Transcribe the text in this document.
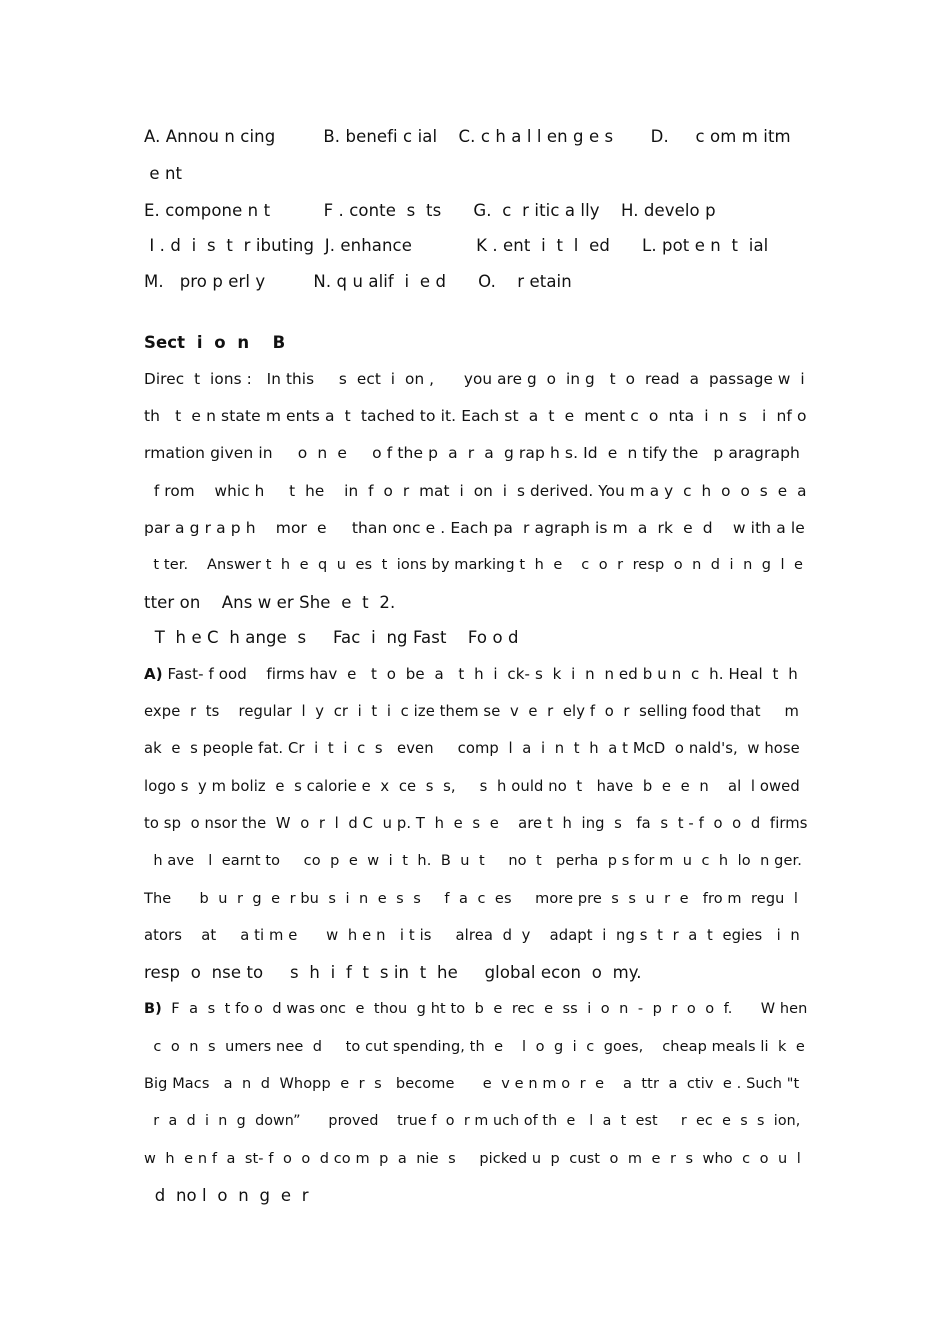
A. Annou n cing         B. benefi c ial    C. c h a l l en g e s       D.     c om m itm
e nt
E. compone n t          F . conte  s  ts      G.  c  r itic a lly    H. develo p
I . d  i  s  t  r ibuting  J. enhance            K . ent  i  t  l  ed      L. pot e n  t  ial
M.   pro p erl y         N. q u alif  i  e d      O.    r etain
Sect  i  o  n    B
Direc  t  ions :   In this     s  ect  i  on ,      you are g  o  in g   t  o  read  a  passage w  i
th   t  e n state m ents a  t  tached to it. Each st  a  t  e  ment c  o  nta  i  n  s   i  nf o
rmation given in     o  n  e     o f the p  a  r  a  g rap h s. Id  e  n tify the   p aragraph
f rom    whic h     t  he    in  f  o  r  mat  i  on  i  s derived. You m a y  c  h  o  o  s  e  a
par a g r a p h    mor  e     than onc e . Each pa  r agraph is m  a  rk  e  d    w ith a le
t ter.    Answer t  h  e  q  u  es  t  ions by marking t  h  e    c  o  r  resp  o  n  d  i  n  g  l  e
tter on    Ans w er She  e  t  2.
T  h e C  h ange  s     Fac  i  ng Fast    Fo o d
A) Fast- f ood    firms hav  e   t  o  be  a   t  h  i  ck- s  k  i  n  n ed b u n  c  h. Heal  t  h
expe  r  ts    regular  l  y  cr  i  t  i  c ize them se  v  e  r  ely f  o  r  selling food that     m
ak  e  s people fat. Cr  i  t  i  c  s   even     comp  l  a  i  n  t  h  a t McD  o nald's,  w hose
logo s  y m boliz  e  s calorie e  x  ce  s  s,     s  h ould no  t   have  b  e  e  n    al  l owed
to sp  o nsor the  W  o  r  l  d C  u p. T  h  e  s  e    are t  h  ing  s   fa  s  t - f  o  o  d  firms
h ave   l  earnt to     co  p  e  w  i  t  h.  B  u  t     no  t   perha  p s for m  u  c  h  lo  n ger.
The      b  u  r  g  e  r bu  s  i  n  e  s  s     f  a  c  es     more pre  s  s  u  r  e   fro m  regu  l
ators    at     a ti m e      w  h e n   i t is     alrea  d  y    adapt  i  ng s  t  r  a  t  egies   i  n
resp  o  nse to     s  h  i  f  t  s in  t  he     global econ  o  my.
B)  F  a  s  t fo o  d was onc  e  thou  g ht to  b  e  rec  e  ss  i  o  n  -  p  r  o  o  f.      W hen
c  o  n  s  umers nee  d     to cut spending, th  e    l  o  g  i  c  goes,    cheap meals li  k  e
Big Macs   a  n  d  Whopp  e  r  s   become      e  v e n m o  r  e    a  ttr  a  ctiv  e . Such "t
r  a  d  i  n  g  down”      proved    true f  o  r m uch of th  e   l  a  t  est     r  ec  e  s  s  ion,
w  h  e n f  a  st- f  o  o  d co m  p  a  nie  s     picked u  p  cust  o  m  e  r  s  who  c  o  u  l
d  no l  o  n  g  e  r
